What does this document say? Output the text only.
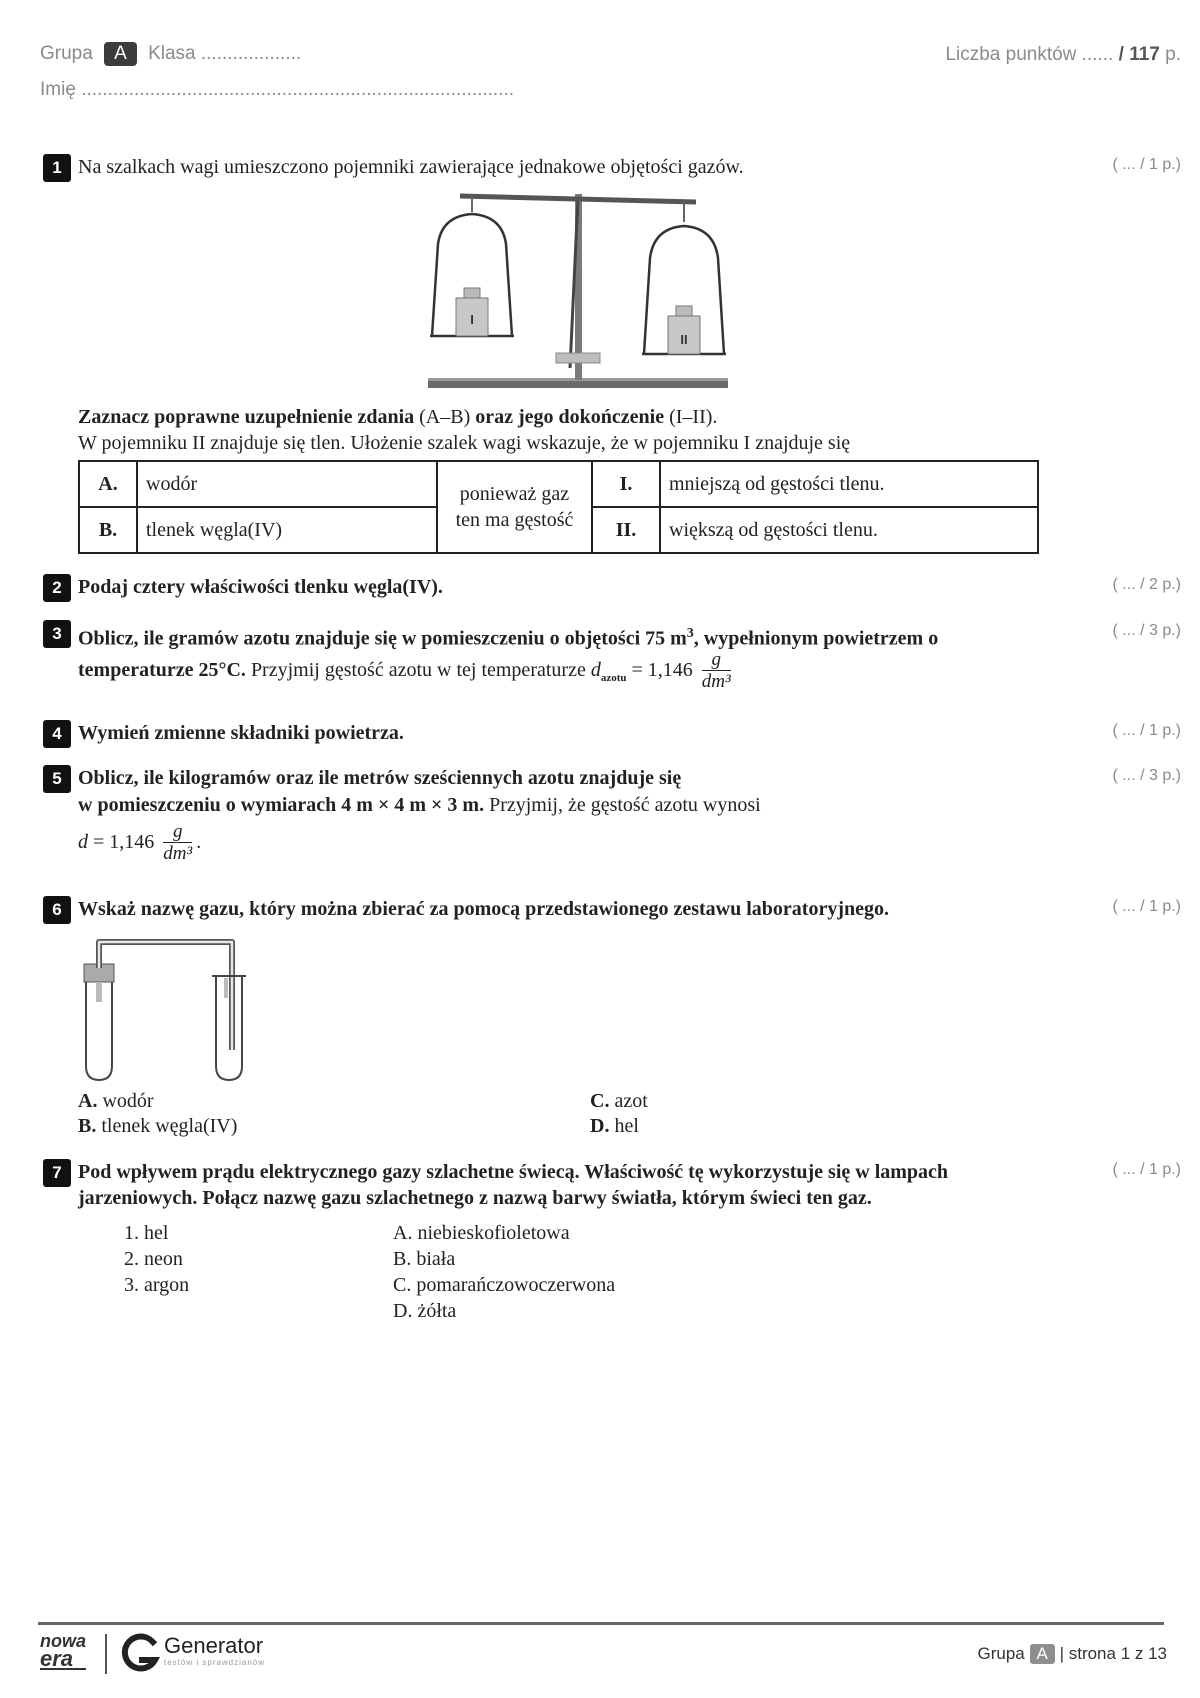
Grupa A Klasa ...................	Liczba punktów ...... / 117 p.
Imię ..................................................................................
1 Na szalkach wagi umieszczono pojemniki zawierające jednakowe objętości gazów.	( ... / 1 p.)
I
II
Zaznacz poprawne uzupełnienie zdania (A–B) oraz jego dokończenie (I–II).
W pojemniku II znajduje się tlen. Ułożenie szalek wagi wskazuje, że w pojemniku I znajduje się
A.	wodór	ponieważ gaz ten ma gęstość	I.	mniejszą od gęstości tlenu.
B.	tlenek węgla(IV)		II.	większą od gęstości tlenu.
2 Podaj cztery właściwości tlenku węgla(IV).	( ... / 2 p.)
3 Oblicz, ile gramów azotu znajduje się w pomieszczeniu o objętości 75 $m^3$, wypełnionym powietrzem o	( ... / 3 p.)
temperaturze 25°C. Przyjmij gęstość azotu w tej temperaturze $d_{azotu} = 1,146 \frac{g}{\text{dm³}}$
4 Wymień zmienne składniki powietrza.	( ... / 1 p.)
5 Oblicz, ile kilogramów oraz ile metrów sześciennych azotu znajduje się	( ... / 3 p.)
w pomieszczeniu o wymiarach 4 m × 4 m × 3 m. Przyjmij, że gęstość azotu wynosi
$d = 1,146 \frac{g}{\text{dm³}}$ .
6 Wskaż nazwę gazu, który można zbierać za pomocą przedstawionego zestawu laboratoryjnego.	( ... / 1 p.)
A. wodór
B. tlenek węgla(IV)
C. azot
D. hel
7 Pod wpływem prądu elektrycznego gazy szlachetne świecą. Właściwość tę wykorzystuje się w lampach
jarzeniowych. Połącz nazwę gazu szlachetnego z nazwą barwy światła, którym świeci ten gaz.
( ... / 1 p.)
1. hel
2. neon
3. argon
A. niebieskofioletowa
B. biała
C. pomarańczowoczerwona
D. żółta
nowa
era
Generator
testów i sprawdzianów	Grupa A | strona 1 z 13
